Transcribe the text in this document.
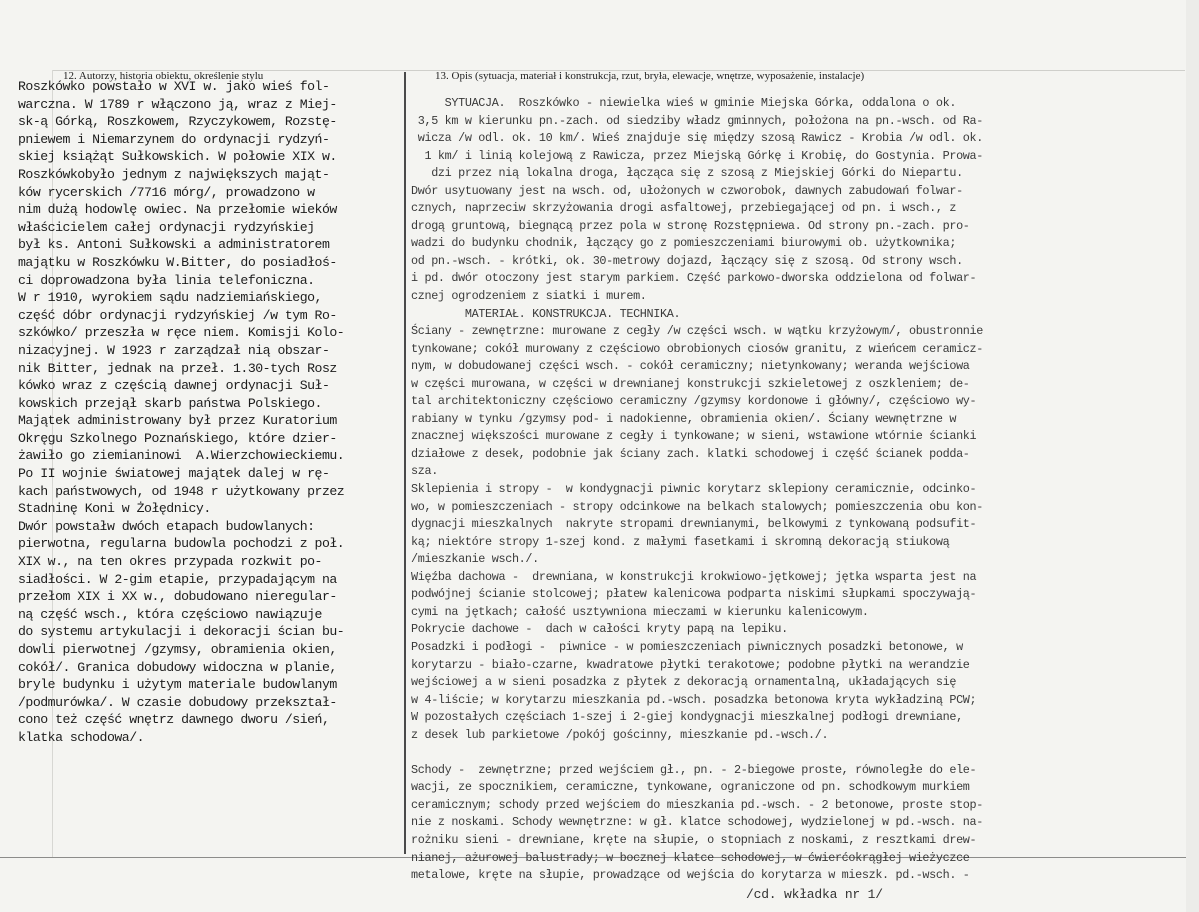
12. Autorzy, historia obiektu, określenie stylu	13. Opis (sytuacja, materiał i konstrukcja, rzut, bryła, elewacje, wnętrze, wyposażenie, instalacje)
Roszkówko powstało w XVI w. jako wieś fol-
warczna. W 1789 r włączono ją, wraz z Miej-
sk-ą Górką, Roszkowem, Rzyczykowem, Rozstę-
pniewem i Niemarzynem do ordynacji rydzyń-
skiej książąt Sułkowskich. W połowie XIX w.
Roszkówkobyło jednym z największych mająt-
ków rycerskich /7716 mórg/, prowadzono w
nim dużą hodowlę owiec. Na przełomie wieków
właścicielem całej ordynacji rydzyńskiej
był ks. Antoni Sułkowski a administratorem
majątku w Roszkówku W.Bitter, do posiadłoś-
ci doprowadzona była linia telefoniczna.
W r 1910, wyrokiem sądu nadziemiańskiego,
część dóbr ordynacji rydzyńskiej /w tym Ro-
szkówko/ przeszła w ręce niem. Komisji Kolo-
nizacyjnej. W 1923 r zarządzał nią obszar-
nik Bitter, jednak na przeł. 1.30-tych Rosz
kówko wraz z częścią dawnej ordynacji Suł-
kowskich przejął skarb państwa Polskiego.
Majątek administrowany był przez Kuratorium
Okręgu Szkolnego Poznańskiego, które dzier-
żawiło go ziemianinowi  A.Wierzchowieckiemu.
Po II wojnie światowej majątek dalej w rę-
kach państwowych, od 1948 r użytkowany przez
Stadninę Koni w Żołędnicy.
Dwór powstałw dwóch etapach budowlanych:
pierwotna, regularna budowla pochodzi z poł.
XIX w., na ten okres przypada rozkwit po-
siadłości. W 2-gim etapie, przypadającym na
przełom XIX i XX w., dobudowano nieregular-
ną część wsch., która częściowo nawiązuje
do systemu artykulacji i dekoracji ścian bu-
dowli pierwotnej /gzymsy, obramienia okien,
cokół/. Granica dobudowy widoczna w planie,
bryle budynku i użytym materiale budowlanym
/podmurówka/. W czasie dobudowy przekształ-
cono też część wnętrz dawnego dworu /sień,
klatka schodowa/.
SYTUACJA.  Roszkówko - niewielka wieś w gminie Miejska Górka, oddalona o ok.
3,5 km w kierunku pn.-zach. od siedziby władz gminnych, położona na pn.-wsch. od Ra-
wicza /w odl. ok. 10 km/. Wieś znajduje się między szosą Rawicz - Krobia /w odl. ok.
1 km/ i linią kolejową z Rawicza, przez Miejską Górkę i Krobię, do Gostynia. Prowa-
dzi przez nią lokalna droga, łącząca się z szosą z Miejskiej Górki do Niepartu.
Dwór usytuowany jest na wsch. od, ułożonych w czworobok, dawnych zabudowań folwar-
cznych, naprzeciw skrzyżowania drogi asfaltowej, przebiegającej od pn. i wsch., z
drogą gruntową, biegnącą przez pola w stronę Rozstępniewa. Od strony pn.-zach. pro-
wadzi do budynku chodnik, łączący go z pomieszczeniami biurowymi ob. użytkownika;
od pn.-wsch. - krótki, ok. 30-metrowy dojazd, łączący się z szosą. Od strony wsch.
i pd. dwór otoczony jest starym parkiem. Część parkowo-dworska oddzielona od folwar-
cznej ogrodzeniem z siatki i murem.
MATERIAŁ. KONSTRUKCJA. TECHNIKA.
Ściany - zewnętrzne: murowane z cegły /w części wsch. w wątku krzyżowym/, obustronnie
tynkowane; cokół murowany z częściowo obrobionych ciosów granitu, z wieńcem ceramicz-
nym, w dobudowanej części wsch. - cokół ceramiczny; nietynkowany; weranda wejściowa
w części murowana, w części w drewnianej konstrukcji szkieletowej z oszkleniem; de-
tal architektoniczny częściowo ceramiczny /gzymsy kordonowe i główny/, częściowo wy-
rabiany w tynku /gzymsy pod- i nadokienne, obramienia okien/. Ściany wewnętrzne w
znacznej większości murowane z cegły i tynkowane; w sieni, wstawione wtórnie ścianki
działowe z desek, podobnie jak ściany zach. klatki schodowej i część ścianek podda-
sza.
Sklepienia i stropy -  w kondygnacji piwnic korytarz sklepiony ceramicznie, odcinko-
wo, w pomieszczeniach - stropy odcinkowe na belkach stalowych; pomieszczenia obu kon-
dygnacji mieszkalnych  nakryte stropami drewnianymi, belkowymi z tynkowaną podsufit-
ką; niektóre stropy 1-szej kond. z małymi fasetkami i skromną dekoracją stiukową
/mieszkanie wsch./.
Więźba dachowa -  drewniana, w konstrukcji krokwiowo-jętkowej; jętka wsparta jest na
podwójnej ścianie stolcowej; płatew kalenicowa podparta niskimi słupkami spoczywają-
cymi na jętkach; całość usztywniona mieczami w kierunku kalenicowym.
Pokrycie dachowe -  dach w całości kryty papą na lepiku.
Posadzki i podłogi -  piwnice - w pomieszczeniach piwnicznych posadzki betonowe, w
korytarzu - biało-czarne, kwadratowe płytki terakotowe; podobne płytki na werandzie
wejściowej a w sieni posadzka z płytek z dekoracją ornamentalną, układających się
w 4-liście; w korytarzu mieszkania pd.-wsch. posadzka betonowa kryta wykładziną PCW;
W pozostałych częściach 1-szej i 2-giej kondygnacji mieszkalnej podłogi drewniane,
z desek lub parkietowe /pokój gościnny, mieszkanie pd.-wsch./.
Schody -  zewnętrzne; przed wejściem gł., pn. - 2-biegowe proste, równoległe do ele-
wacji, ze spocznikiem, ceramiczne, tynkowane, ograniczone od pn. schodkowym murkiem
ceramicznym; schody przed wejściem do mieszkania pd.-wsch. - 2 betonowe, proste stop-
nie z noskami. Schody wewnętrzne: w gł. klatce schodowej, wydzielonej w pd.-wsch. na-
rożniku sieni - drewniane, kręte na słupie, o stopniach z noskami, z resztkami drew-
nianej, ażurowej balustrady; w bocznej klatce schodowej, w ćwierćokrągłej wieżyczce
metalowe, kręte na słupie, prowadzące od wejścia do korytarza w mieszk. pd.-wsch. -
/cd. wkładka nr 1/
